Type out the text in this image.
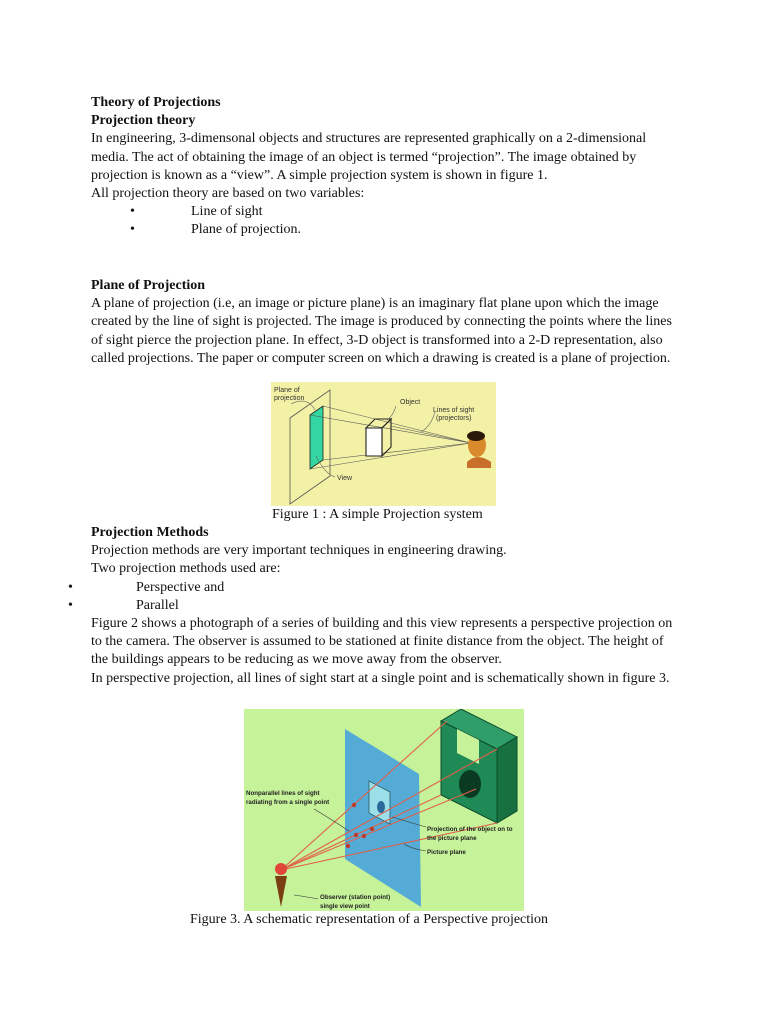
Theory of Projections

Projection theory

In engineering, 3-dimensonal objects and structures are represented graphically on a 2-dimensional media. The act of obtaining the image of an object is termed “projection”. The image obtained by projection is known as a “view”. A simple projection system is shown in figure 1.

All projection theory are based on two variables:

•	Line of sight
•	Plane of projection.

Plane of Projection

A plane of projection (i.e, an image or picture plane) is an imaginary flat plane upon which the image created by the line of sight is projected. The image is produced by connecting the points where the lines of sight pierce the projection plane. In effect, 3-D object is transformed into a 2-D representation, also called projections. The paper or computer screen on which a drawing is created is a plane of projection.

Plane of
projection
Object
Lines of sight
(projectors)
View
Figure 1 : A simple Projection system

Projection Methods

Projection methods are very important techniques in engineering drawing.

Two projection methods used are:

•	Perspective and
•	Parallel

Figure 2 shows a photograph of a series of building and this view represents a perspective projection on to the camera. The observer is assumed to be stationed at finite distance from the object. The height of the buildings appears to be reducing as we move away from the observer.

In perspective projection, all lines of sight start at a single point and is schematically shown in figure 3.

Nonparallel lines of sight
radiating from a single point
Projection of the object on to
the picture plane
Picture plane
Observer (station point)
single view point
Figure 3. A schematic representation of a Perspective projection
